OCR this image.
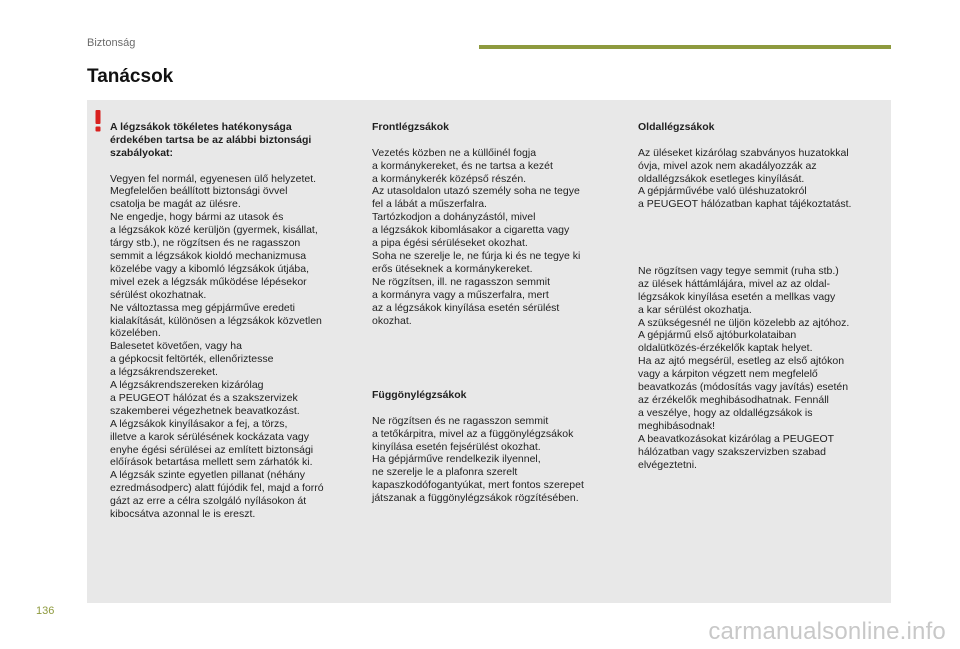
Biztonság
Tanácsok

A légzsákok tökéletes hatékonysága
érdekében tartsa be az alábbi biztonsági
szabályokat:

Vegyen fel normál, egyenesen ülő helyzetet.
Megfelelően beállított biztonsági övvel
csatolja be magát az ülésre.
Ne engedje, hogy bármi az utasok és
a légzsákok közé kerüljön (gyermek, kisállat,
tárgy stb.), ne rögzítsen és ne ragasszon
semmit a légzsákok kioldó mechanizmusa
közelébe vagy a kibomló légzsákok útjába,
mivel ezek a légzsák működése lépésekor
sérülést okozhatnak.
Ne változtassa meg gépjárműve eredeti
kialakítását, különösen a légzsákok közvetlen
közelében.
Balesetet követően, vagy ha
a gépkocsit feltörték, ellenőriztesse
a légzsákrendszereket.
A légzsákrendszereken kizárólag
a PEUGEOT hálózat és a szakszervizek
szakemberei végezhetnek beavatkozást.
A légzsákok kinyílásakor a fej, a törzs,
illetve a karok sérülésének kockázata vagy
enyhe égési sérülései az említett biztonsági
előírások betartása mellett sem zárhatók ki.
A légzsák szinte egyetlen pillanat (néhány
ezredmásodperc) alatt fújódik fel, majd a forró
gázt az erre a célra szolgáló nyílásokon át
kibocsátva azonnal le is ereszt.

Frontlégzsákok

Vezetés közben ne a küllőinél fogja
a kormánykereket, és ne tartsa a kezét
a kormánykerék középső részén.
Az utasoldalon utazó személy soha ne tegye
fel a lábát a műszerfalra.
Tartózkodjon a dohányzástól, mivel
a légzsákok kibomlásakor a cigaretta vagy
a pipa égési sérüléseket okozhat.
Soha ne szerelje le, ne fúrja ki és ne tegye ki
erős ütéseknek a kormánykereket.
Ne rögzítsen, ill. ne ragasszon semmit
a kormányra vagy a műszerfalra, mert
az a légzsákok kinyílása esetén sérülést
okozhat.

Függönylégzsákok

Ne rögzítsen és ne ragasszon semmit
a tetőkárpitra, mivel az a függönylégzsákok
kinyílása esetén fejsérülést okozhat.
Ha gépjárműve rendelkezik ilyennel,
ne szerelje le a plafonra szerelt
kapaszkodófogantyúkat, mert fontos szerepet
játszanak a függönylégzsákok rögzítésében.

Oldallégzsákok

Az üléseket kizárólag szabványos huzatokkal
óvja, mivel azok nem akadályozzák az
oldallégzsákok esetleges kinyílását.
A gépjárművébe való üléshuzatokról
a PEUGEOT hálózatban kaphat tájékoztatást.

Ne rögzítsen vagy tegye semmit (ruha stb.)
az ülések háttámlájára, mivel az az oldal-
légzsákok kinyílása esetén a mellkas vagy
a kar sérülést okozhatja.
A szükségesnél ne üljön közelebb az ajtóhoz.
A gépjármű első ajtóburkolataiban
oldalütközés-érzékelők kaptak helyet.
Ha az ajtó megsérül, esetleg az első ajtókon
vagy a kárpiton végzett nem megfelelő
beavatkozás (módosítás vagy javítás) esetén
az érzékelők meghibásodhatnak. Fennáll
a veszélye, hogy az oldallégzsákok is
meghibásodnak!
A beavatkozásokat kizárólag a PEUGEOT
hálózatban vagy szakszervizben szabad
elvégeztetni.

136
carmanualsonline.info
